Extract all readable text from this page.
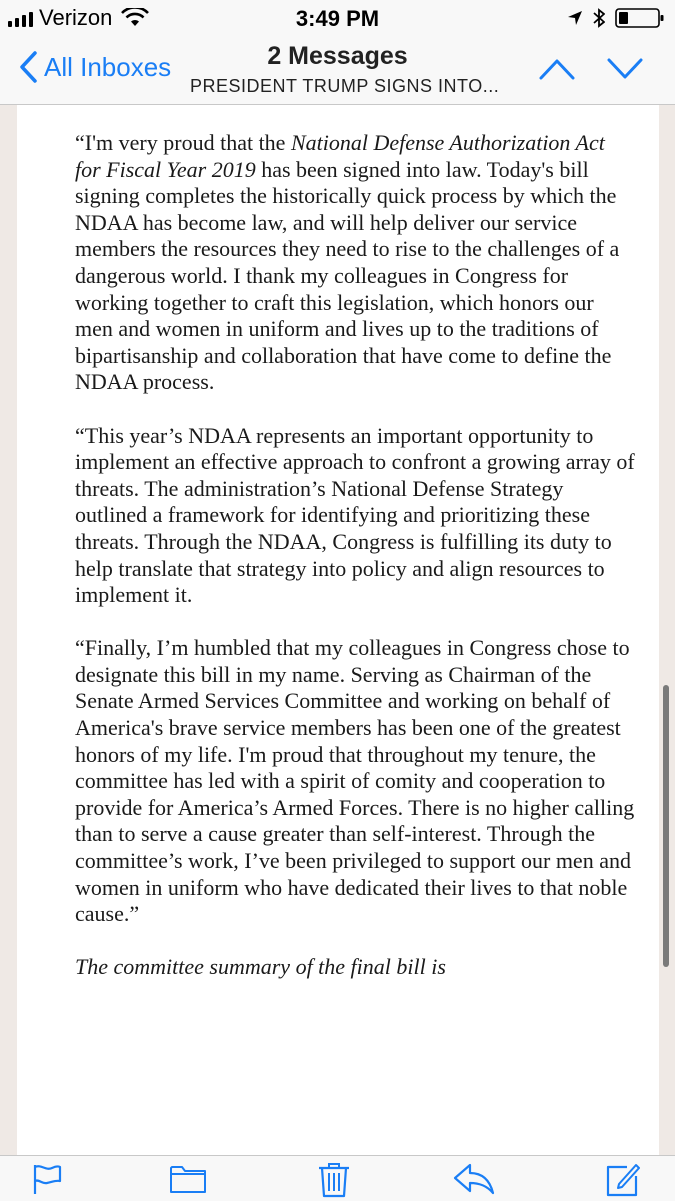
Verizon	3:49 PM
All Inboxes	2 Messages
PRESIDENT TRUMP SIGNS INTO...

“I'm very proud that the National Defense Authorization Act for Fiscal Year 2019 has been signed into law. Today's bill signing completes the historically quick process by which the NDAA has become law, and will help deliver our service members the resources they need to rise to the challenges of a dangerous world. I thank my colleagues in Congress for working together to craft this legislation, which honors our men and women in uniform and lives up to the traditions of bipartisanship and collaboration that have come to define the NDAA process.

“This year’s NDAA represents an important opportunity to implement an effective approach to confront a growing array of threats. The administration’s National Defense Strategy outlined a framework for identifying and prioritizing these threats. Through the NDAA, Congress is fulfilling its duty to help translate that strategy into policy and align resources to implement it.

“Finally, I’m humbled that my colleagues in Congress chose to designate this bill in my name. Serving as Chairman of the Senate Armed Services Committee and working on behalf of America's brave service members has been one of the greatest honors of my life. I'm proud that throughout my tenure, the committee has led with a spirit of comity and cooperation to provide for America’s Armed Forces. There is no higher calling than to serve a cause greater than self-interest. Through the committee’s work, I’ve been privileged to support our men and women in uniform who have dedicated their lives to that noble cause.”

The committee summary of the final bill is
